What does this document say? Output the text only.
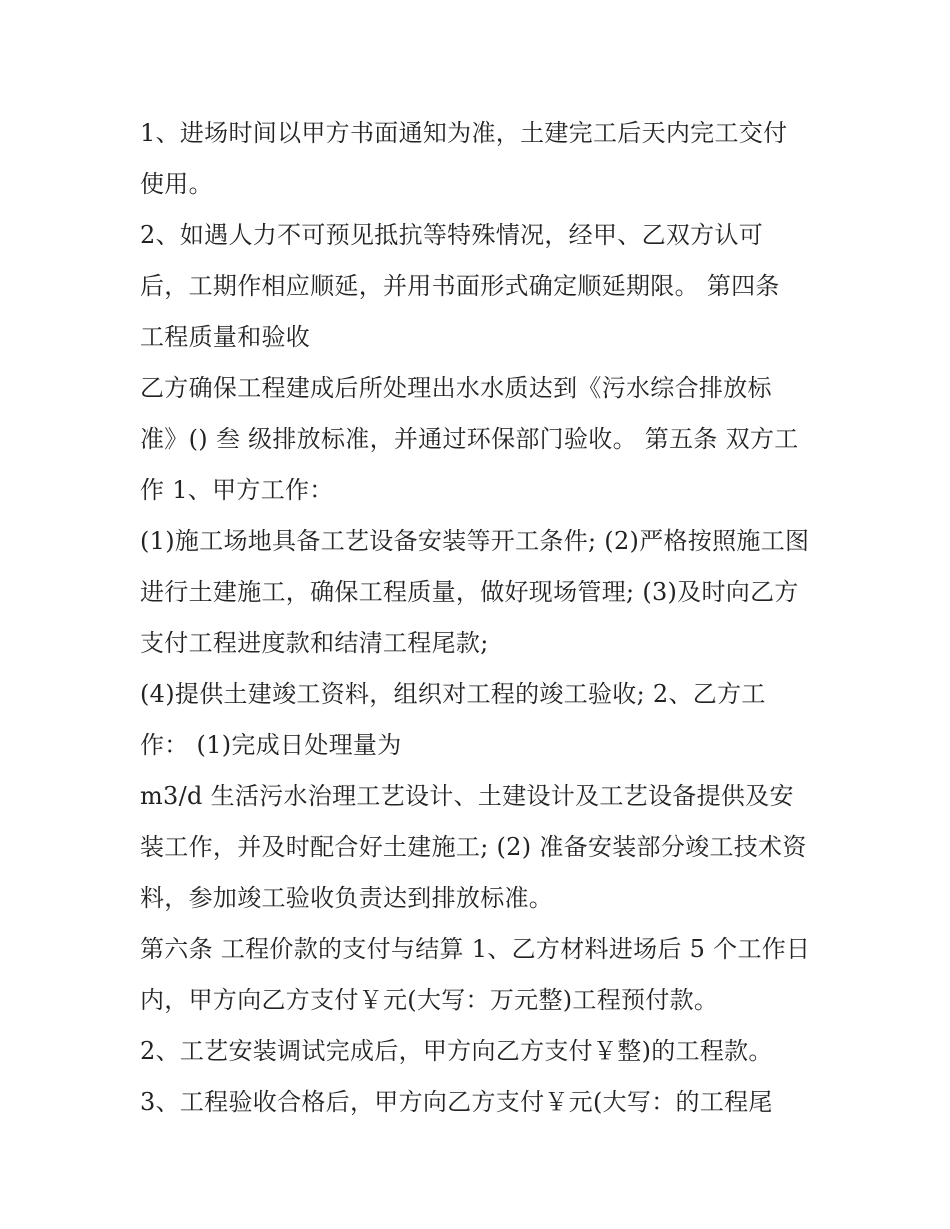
1、进场时间以甲方书面通知为准，土建完工后天内完工交付
使用。
2、如遇人力不可预见抵抗等特殊情况，经甲、乙双方认可
后，工期作相应顺延，并用书面形式确定顺延期限。 第四条
工程质量和验收
乙方确保工程建成后所处理出水水质达到《污水综合排放标
准》() 叁 级排放标准，并通过环保部门验收。 第五条 双方工
作 1、甲方工作：
(1)施工场地具备工艺设备安装等开工条件; (2)严格按照施工图
进行土建施工，确保工程质量，做好现场管理; (3)及时向乙方
支付工程进度款和结清工程尾款;
(4)提供土建竣工资料，组织对工程的竣工验收; 2、乙方工
作： (1)完成日处理量为
m3/d 生活污水治理工艺设计、土建设计及工艺设备提供及安
装工作，并及时配合好土建施工; (2) 准备安装部分竣工技术资
料，参加竣工验收负责达到排放标准。
第六条 工程价款的支付与结算 1、乙方材料进场后 5 个工作日
内，甲方向乙方支付￥元(大写：万元整)工程预付款。
2、工艺安装调试完成后，甲方向乙方支付￥整)的工程款。
3、工程验收合格后，甲方向乙方支付￥元(大写：的工程尾
